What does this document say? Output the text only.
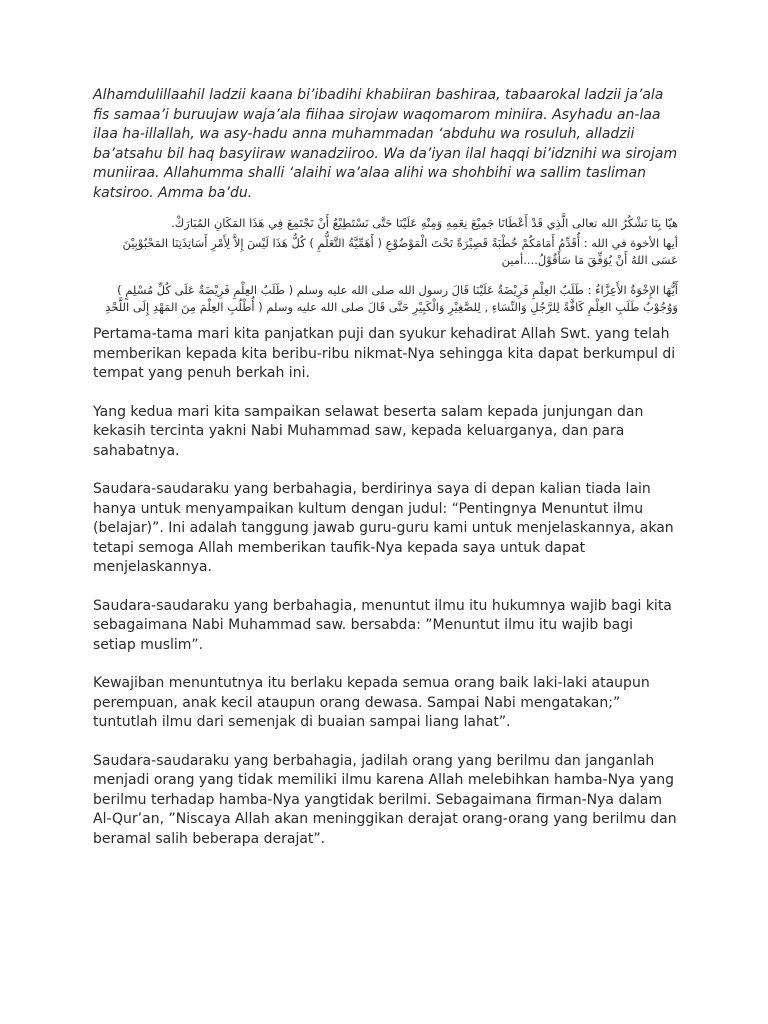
Alhamdulillaahil ladzii kaana bi’ibadihi khabiiran bashiraa, tabaarokal ladzii ja’ala fis samaa’i buruujaw waja’ala fiihaa sirojaw waqomarom miniira. Asyhadu an-laa ilaa ha-illallah, wa asy-hadu anna muhammadan ‘abduhu wa rosuluh, alladzii ba’atsahu bil haq basyiiraw wanadziiroo. Wa da’iyan ilal haqqi bi’idznihi wa sirojam muniiraa. Allahumma shalli ‘alaihi wa’alaa alihi wa shohbihi wa sallim tasliman katsiroo. Amma ba’du.

هيّا بِنَا نَشْكُرُ الله تعالى الَّذِي قَدْ أَعْطَانَا جَمِيْعَ نِعَمِهِ وَمِنْهِ عَلَيْنَا حَتَّى نَسْتَطِيْعُ أَنْ نَجْتَمِعَ فِي هَذَا المَكَانِ المُبَارَكْ.

أيها الأخوة في الله : أُقَدِّمُ أَمَامَكُمْ خُطْبَةً قَصِيْرَةً تَحْتَ الْمَوْضُوْعِ ( أَهَمِّيَّةُ التَّعَلُّمِ ) كُلُّ هَذَا لَيْسَ إِلاَّ لِأَمْرِ أَسَاتِذَتِنَا المَحْبُوْبِيْنَ عَسَى اللهُ أَنْ يُوَفِّقَ مَا سَأَقُوْلُ....أمين

أَيُّهَا الإِخْوَةُ الأَعِزَّاءُ : طَلَبُ العِلْمِ فَرِيْضَةٌ عَلَيْنَا قَالَ رسول الله صلى الله عليه وسلم ( طَلَبُ العِلْمِ فَرِيْضَةٌ عَلَى كُلِّ مُسْلِمٍ ) وَوُجُوْبُ طَلَبِ العِلْمِ كَافَّةً لِلرَّجُلِ وَالنِّسَاءِ , لِلصَّغِيْرِ وَالْكَبِيْرِ حَتَّى قَالَ صلى الله عليه وسلم ( أُطْلُبِ العِلْمَ مِنَ المَهْدِ إِلَى اللَّحْدِ

Pertama-tama mari kita panjatkan puji dan syukur kehadirat Allah Swt. yang telah memberikan kepada kita beribu-ribu nikmat-Nya sehingga kita dapat berkumpul di tempat yang penuh berkah ini.

Yang kedua mari kita sampaikan selawat beserta salam kepada junjungan dan kekasih tercinta yakni Nabi Muhammad saw, kepada keluarganya, dan para sahabatnya.

Saudara-saudaraku yang berbahagia, berdirinya saya di depan kalian tiada lain hanya untuk menyampaikan kultum dengan judul: “Pentingnya Menuntut ilmu (belajar)”. Ini adalah tanggung jawab guru-guru kami untuk menjelaskannya, akan tetapi semoga Allah memberikan taufik-Nya kepada saya untuk dapat menjelaskannya.

Saudara-saudaraku yang berbahagia, menuntut ilmu itu hukumnya wajib bagi kita sebagaimana Nabi Muhammad saw. bersabda: ”Menuntut ilmu itu wajib bagi setiap muslim”.

Kewajiban menuntutnya itu berlaku kepada semua orang baik laki-laki ataupun perempuan, anak kecil ataupun orang dewasa. Sampai Nabi mengatakan;” tuntutlah ilmu dari semenjak di buaian sampai liang lahat”.

Saudara-saudaraku yang berbahagia, jadilah orang yang berilmu dan janganlah menjadi orang yang tidak memiliki ilmu karena Allah melebihkan hamba-Nya yang berilmu terhadap hamba-Nya yangtidak berilmi. Sebagaimana firman-Nya dalam Al-Qur’an, ”Niscaya Allah akan meninggikan derajat orang-orang yang berilmu dan beramal salih beberapa derajat”.
